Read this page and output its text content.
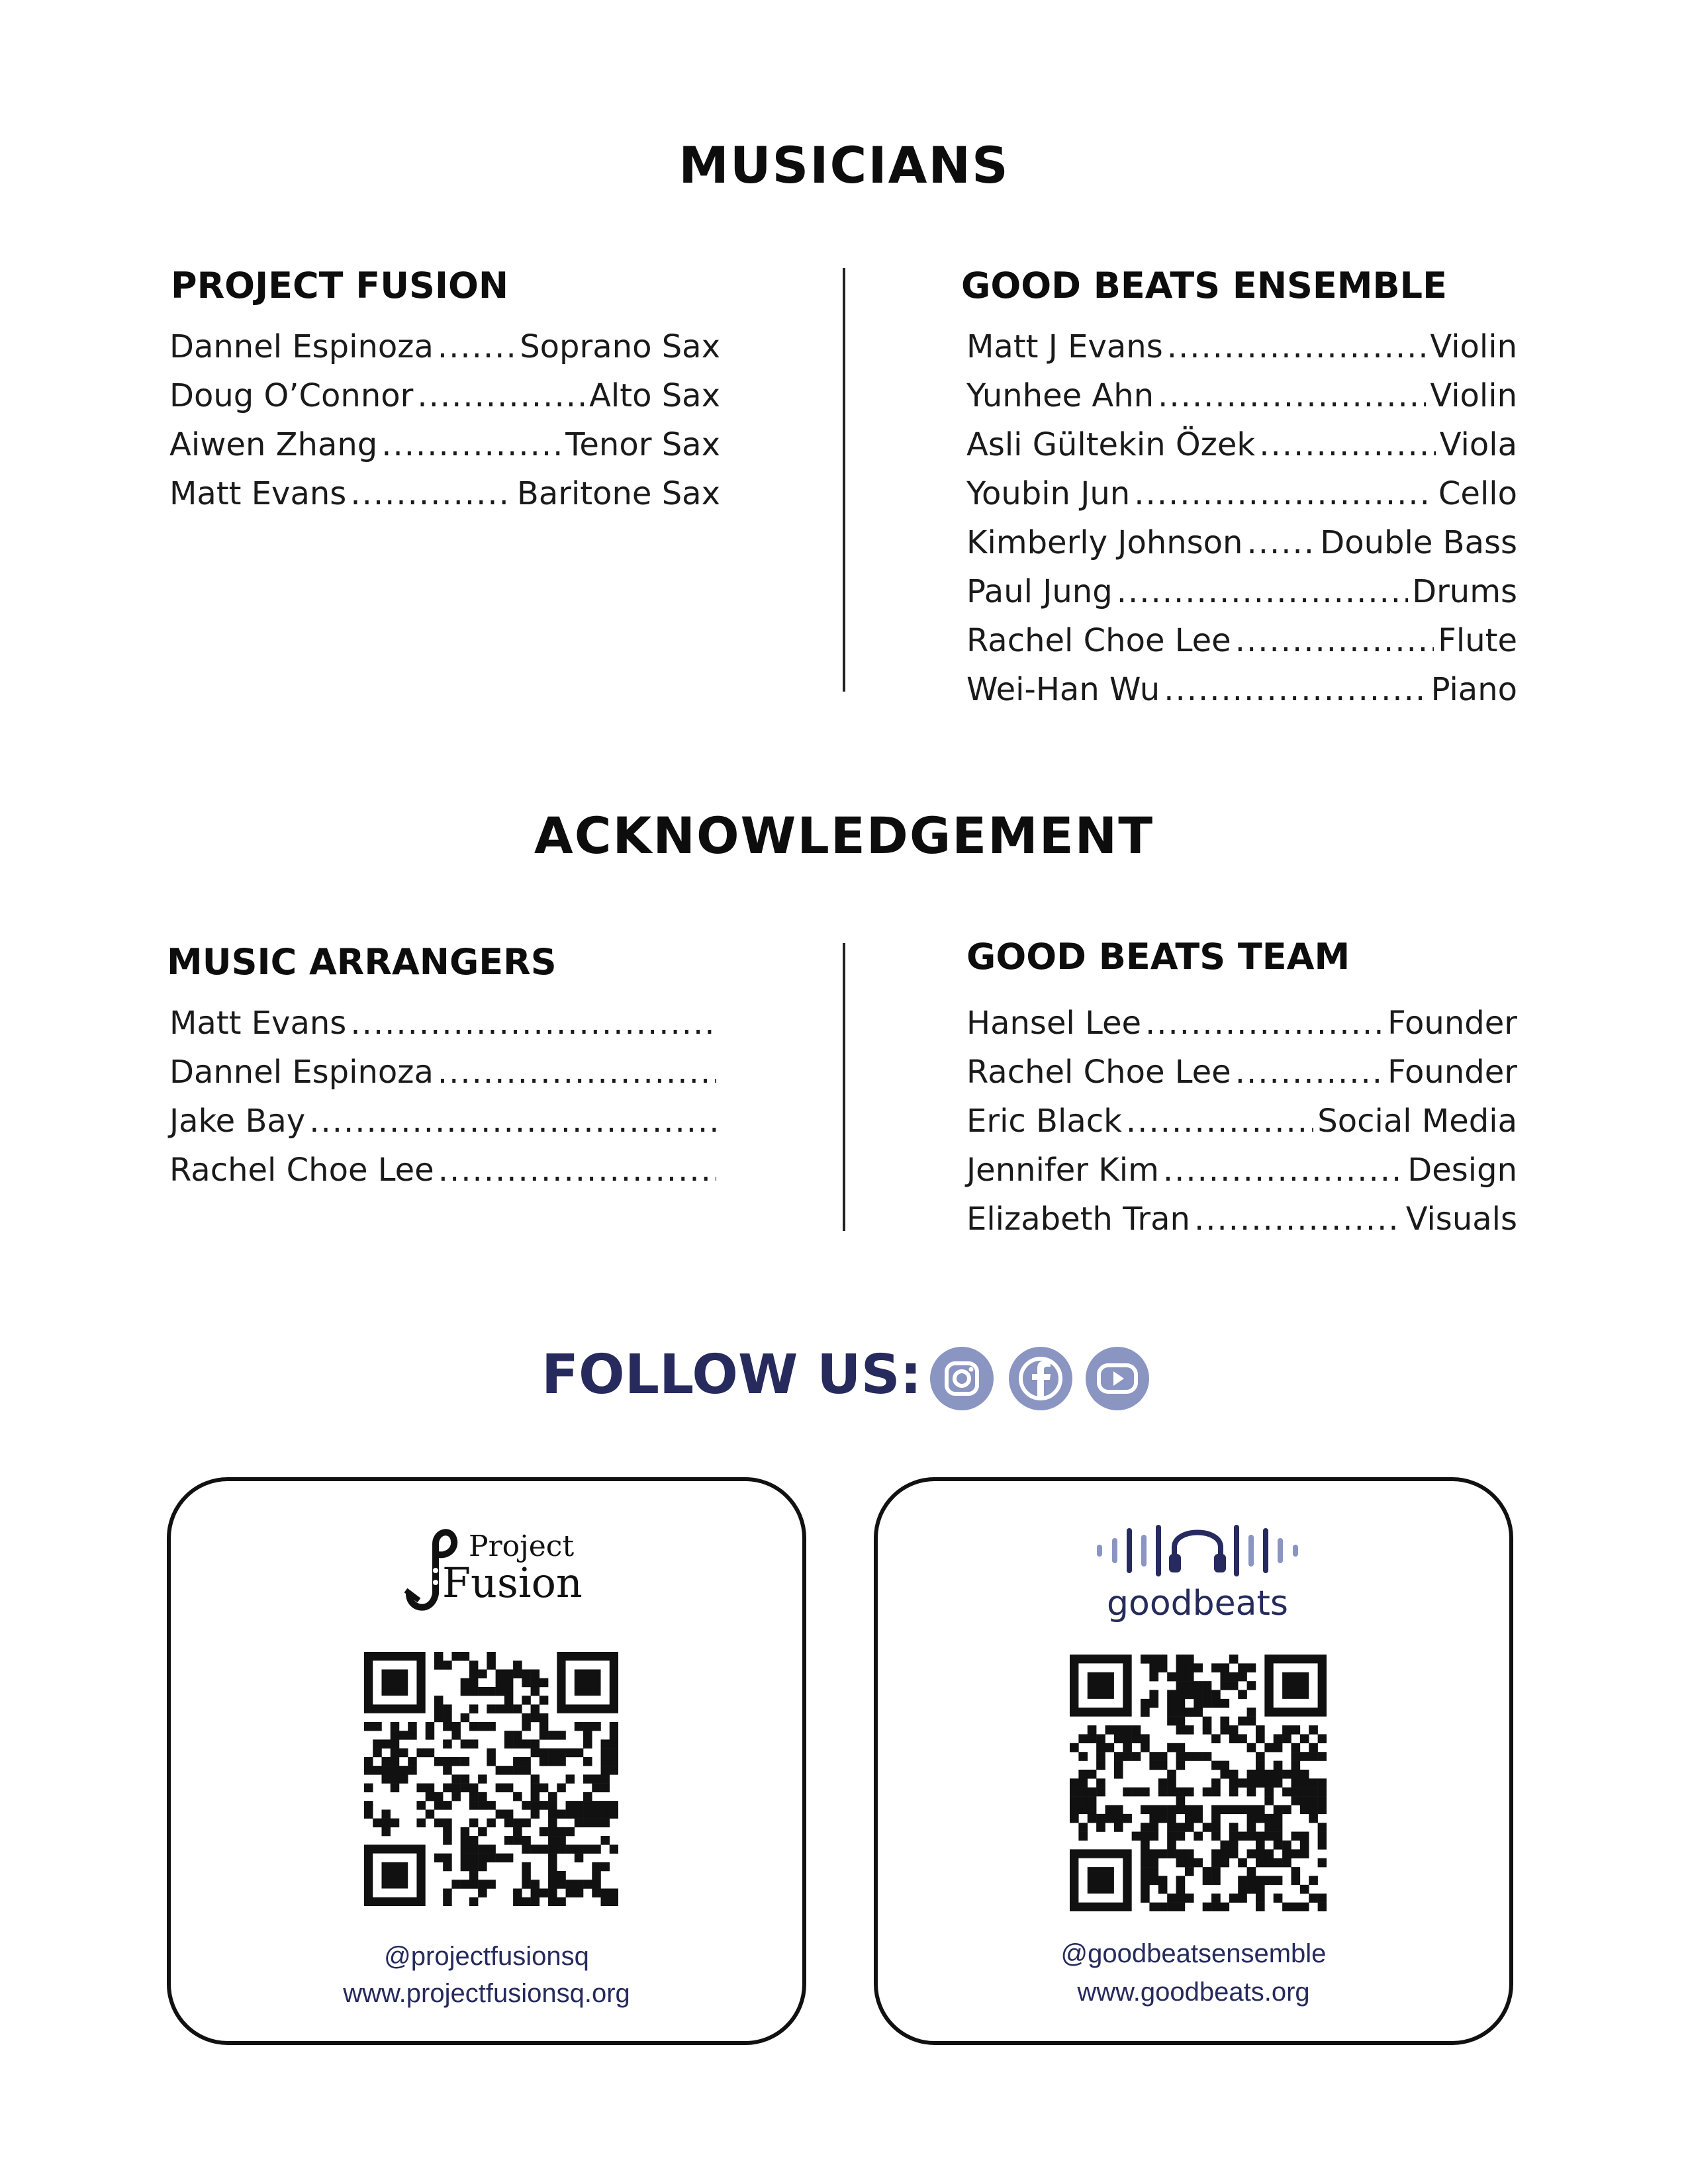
MUSICIANS
PROJECT FUSION
Dannel Espinoza .....	Soprano Sax
Doug O’Connor .....	Alto Sax
Aiwen Zhang .....	Tenor Sax
Matt Evans .....	Baritone Sax
GOOD BEATS ENSEMBLE
Matt J Evans .....	Violin
Yunhee Ahn .....	Violin
Asli Gültekin Özek .....	Viola
Youbin Jun .....	Cello
Kimberly Johnson ..... Double Bass
Paul Jung .....	Drums
Rachel Choe Lee .....	Flute
Wei-Han Wu .....	Piano
ACKNOWLEDGEMENT
MUSIC ARRANGERS
Matt Evans
.....
Dannel Espinoza
.....
Jake Bay
.....
Rachel Choe Lee
.....
GOOD BEATS TEAM
Hansel Lee .....	Founder
Rachel Choe Lee .....	Founder
Eric Black .....	Social Media
Jennifer Kim .....	Design
Elizabeth Tran .....	Visuals
FOLLOW US:
Project
Fusion

@projectfusionsq

www.projectfusionsq.org

goodbeats

@goodbeatsensemble

www.goodbeats.org
